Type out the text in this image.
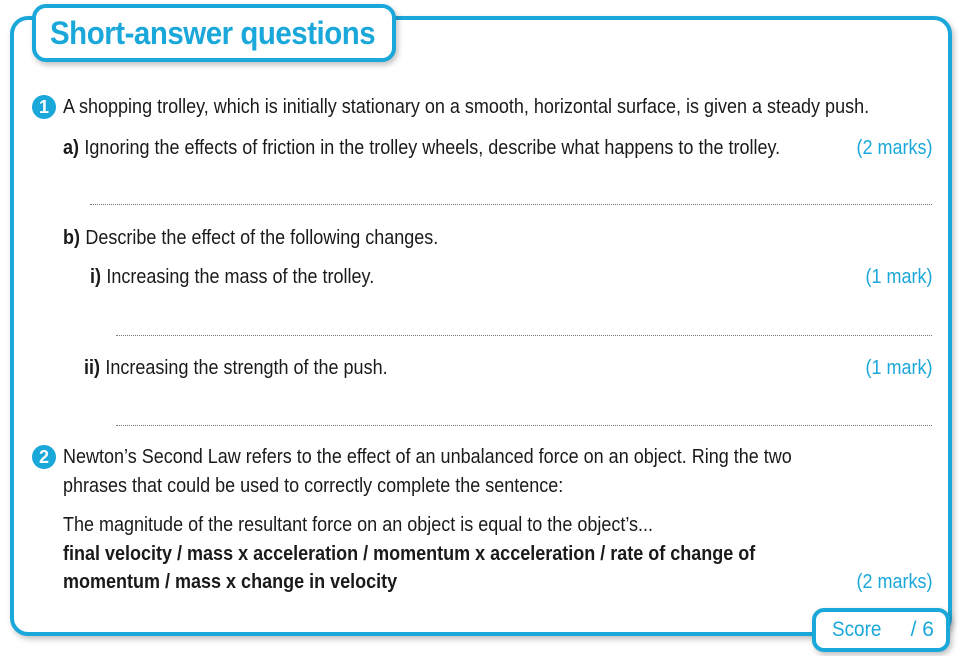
Short-answer questions
1 A shopping trolley, which is initially stationary on a smooth, horizontal surface, is given a steady push.
a) Ignoring the effects of friction in the trolley wheels, describe what happens to the trolley.	(2 marks)
b) Describe the effect of the following changes.
i) Increasing the mass of the trolley.	(1 mark)
ii) Increasing the strength of the push.	(1 mark)
2 Newton’s Second Law refers to the effect of an unbalanced force on an object. Ring the two
phrases that could be used to correctly complete the sentence:
The magnitude of the resultant force on an object is equal to the object’s...
final velocity / mass x acceleration / momentum x acceleration / rate of change of
momentum / mass x change in velocity	(2 marks)
Score / 6
